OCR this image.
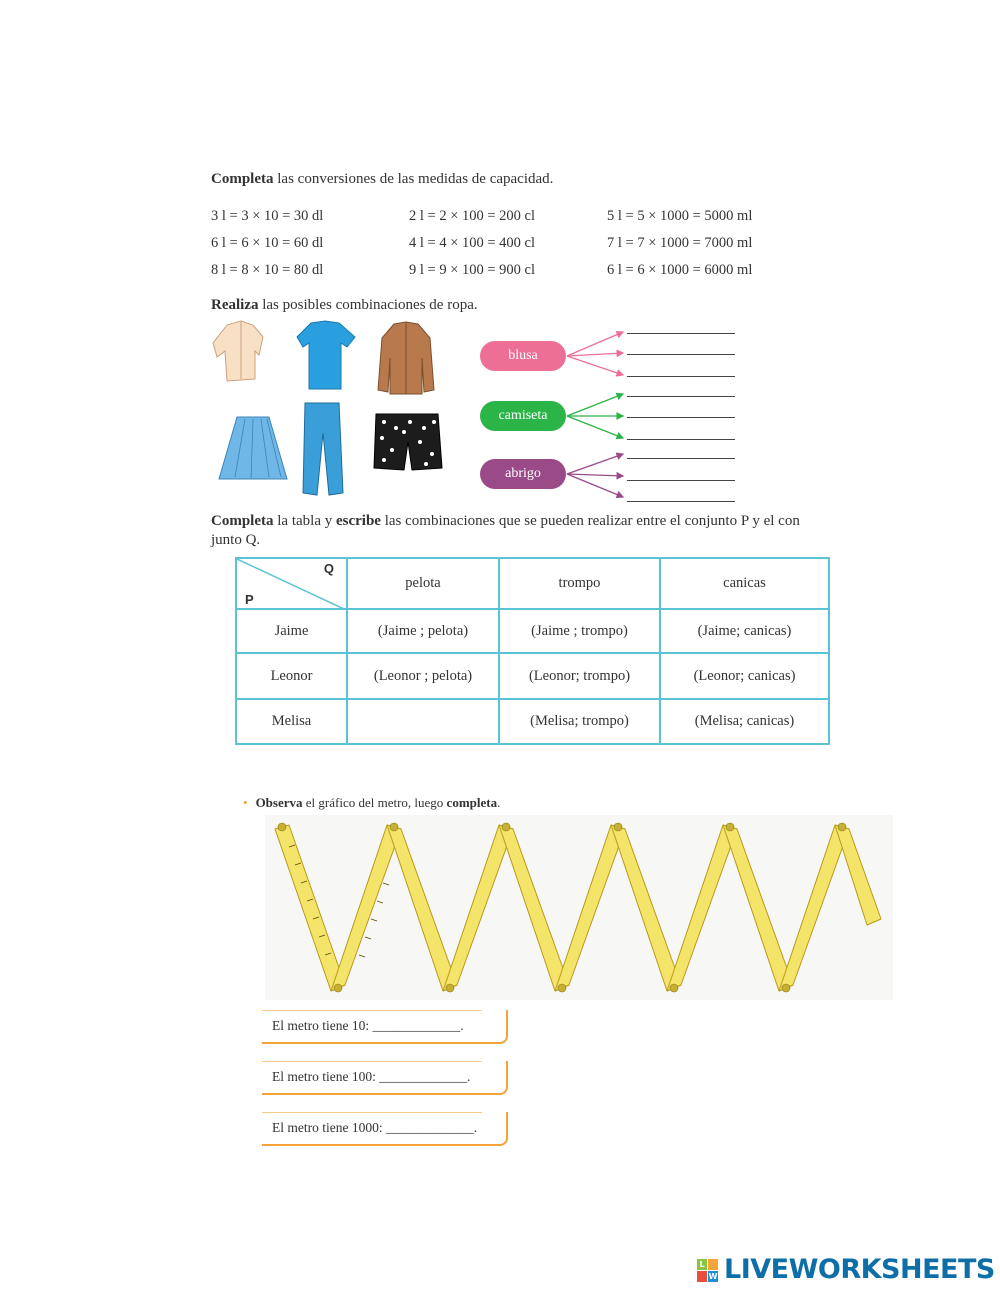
Completa las conversiones de las medidas de capacidad.
3 l = 3 × 10 = 30 dl	2 l = 2 × 100 = 200 cl	5 l = 5 × 1000 = 5000 ml
6 l = 6 × 10 = 60 dl	4 l = 4 × 100 = 400 cl	7 l = 7 × 1000 = 7000 ml
8 l = 8 × 10 = 80 dl	9 l = 9 × 100 = 900 cl	6 l = 6 × 1000 = 6000 ml
Realiza las posibles combinaciones de ropa.
blusa
camiseta
abrigo
Completa la tabla y escribe las combinaciones que se pueden realizar entre el conjunto P y el con
junto Q.
Q
P	pelota	trompo	canicas
Jaime	(Jaime ; pelota)	(Jaime ; trompo)	(Jaime; canicas)
Leonor	(Leonor ; pelota)	(Leonor; trompo)	(Leonor; canicas)
Melisa		(Melisa; trompo)	(Melisa; canicas)
• Observa el gráfico del metro, luego completa.
El metro tiene 10: _____________.
El metro tiene 100: _____________.
El metro tiene 1000: _____________.
L
W LIVEWORKSHEETS
